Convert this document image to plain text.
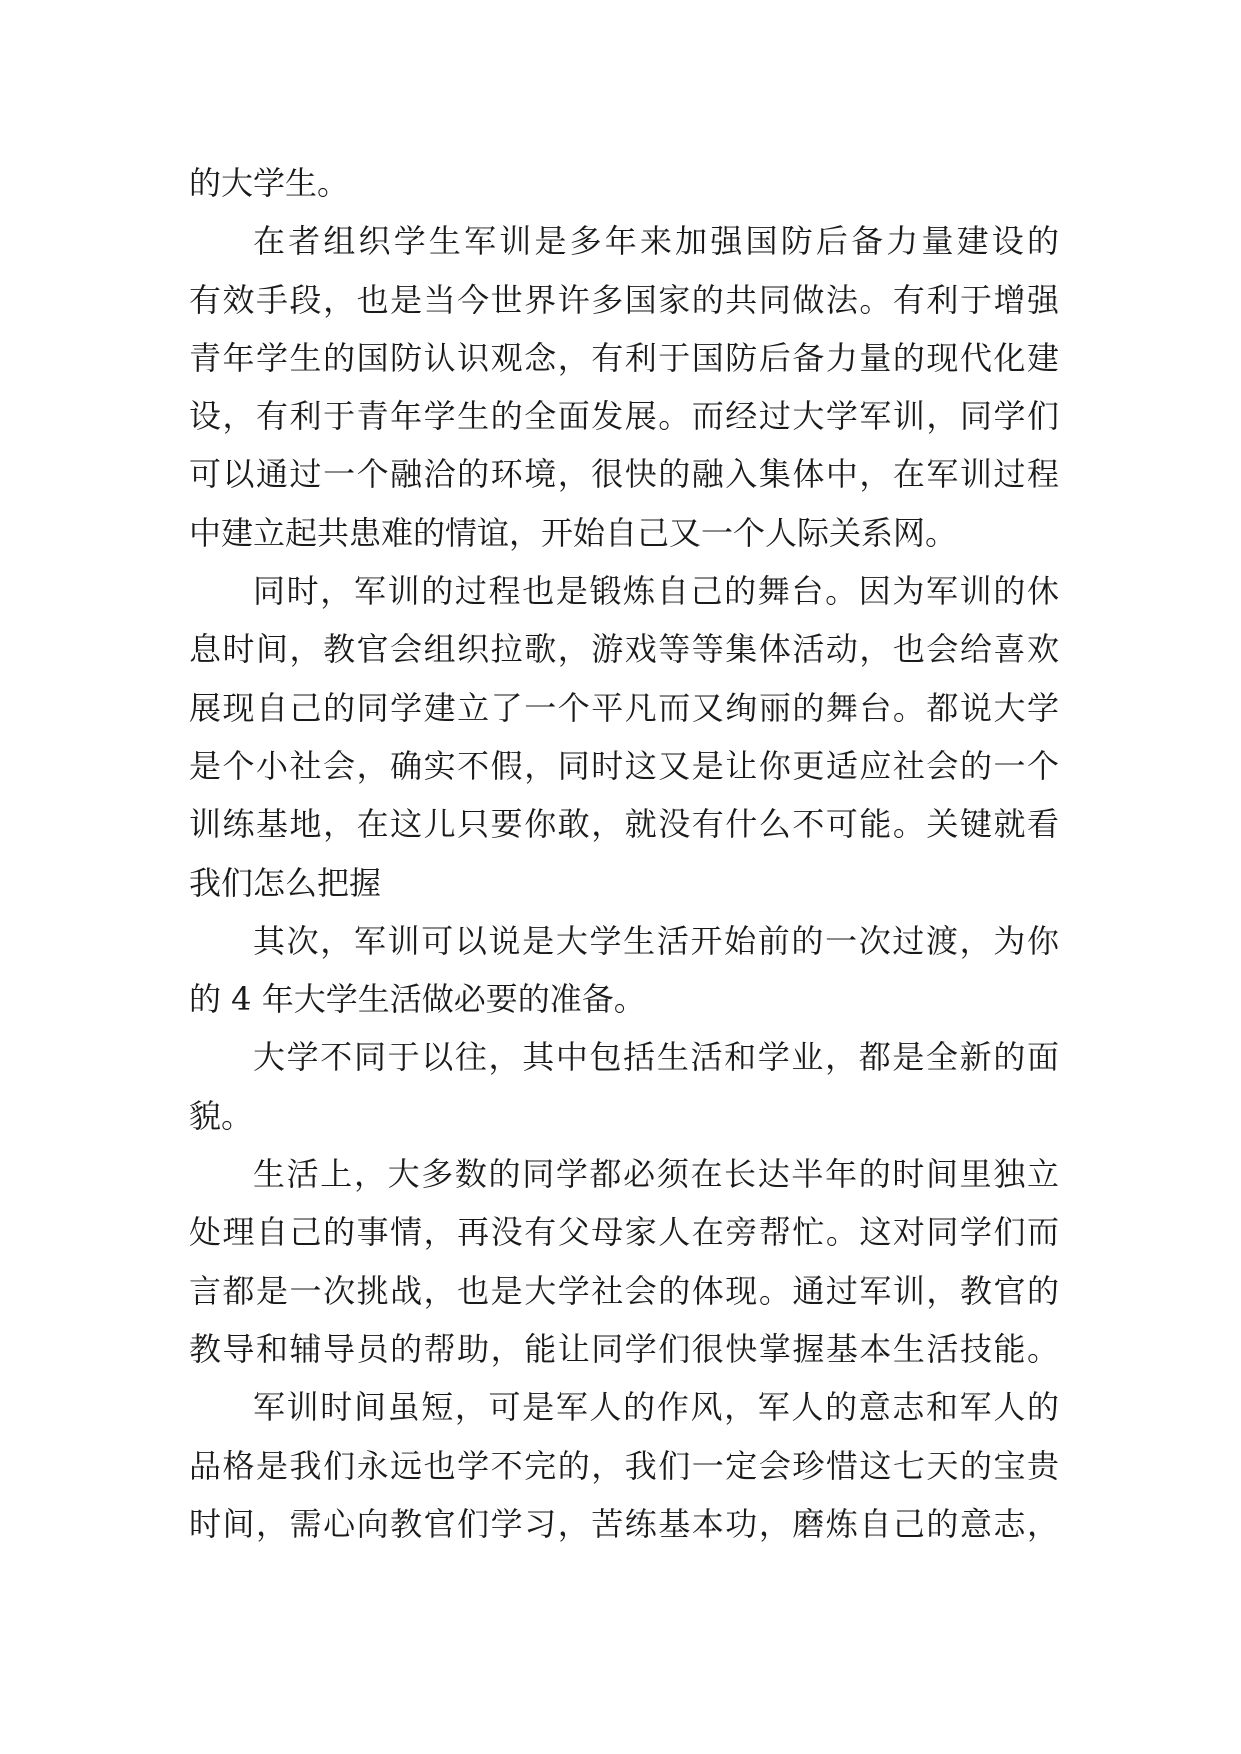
的大学生。
在者组织学生军训是多年来加强国防后备力量建设的
有效手段，也是当今世界许多国家的共同做法。有利于增强
青年学生的国防认识观念，有利于国防后备力量的现代化建
设，有利于青年学生的全面发展。而经过大学军训，同学们
可以通过一个融洽的环境，很快的融入集体中，在军训过程
中建立起共患难的情谊，开始自己又一个人际关系网。
同时，军训的过程也是锻炼自己的舞台。因为军训的休
息时间，教官会组织拉歌，游戏等等集体活动，也会给喜欢
展现自己的同学建立了一个平凡而又绚丽的舞台。都说大学
是个小社会，确实不假，同时这又是让你更适应社会的一个
训练基地，在这儿只要你敢，就没有什么不可能。关键就看
我们怎么把握
其次，军训可以说是大学生活开始前的一次过渡，为你
的 4 年大学生活做必要的准备。
大学不同于以往，其中包括生活和学业，都是全新的面
貌。
生活上，大多数的同学都必须在长达半年的时间里独立
处理自己的事情，再没有父母家人在旁帮忙。这对同学们而
言都是一次挑战，也是大学社会的体现。通过军训，教官的
教导和辅导员的帮助，能让同学们很快掌握基本生活技能。
军训时间虽短，可是军人的作风，军人的意志和军人的
品格是我们永远也学不完的，我们一定会珍惜这七天的宝贵
时间，需心向教官们学习，苦练基本功，磨炼自己的意志，
